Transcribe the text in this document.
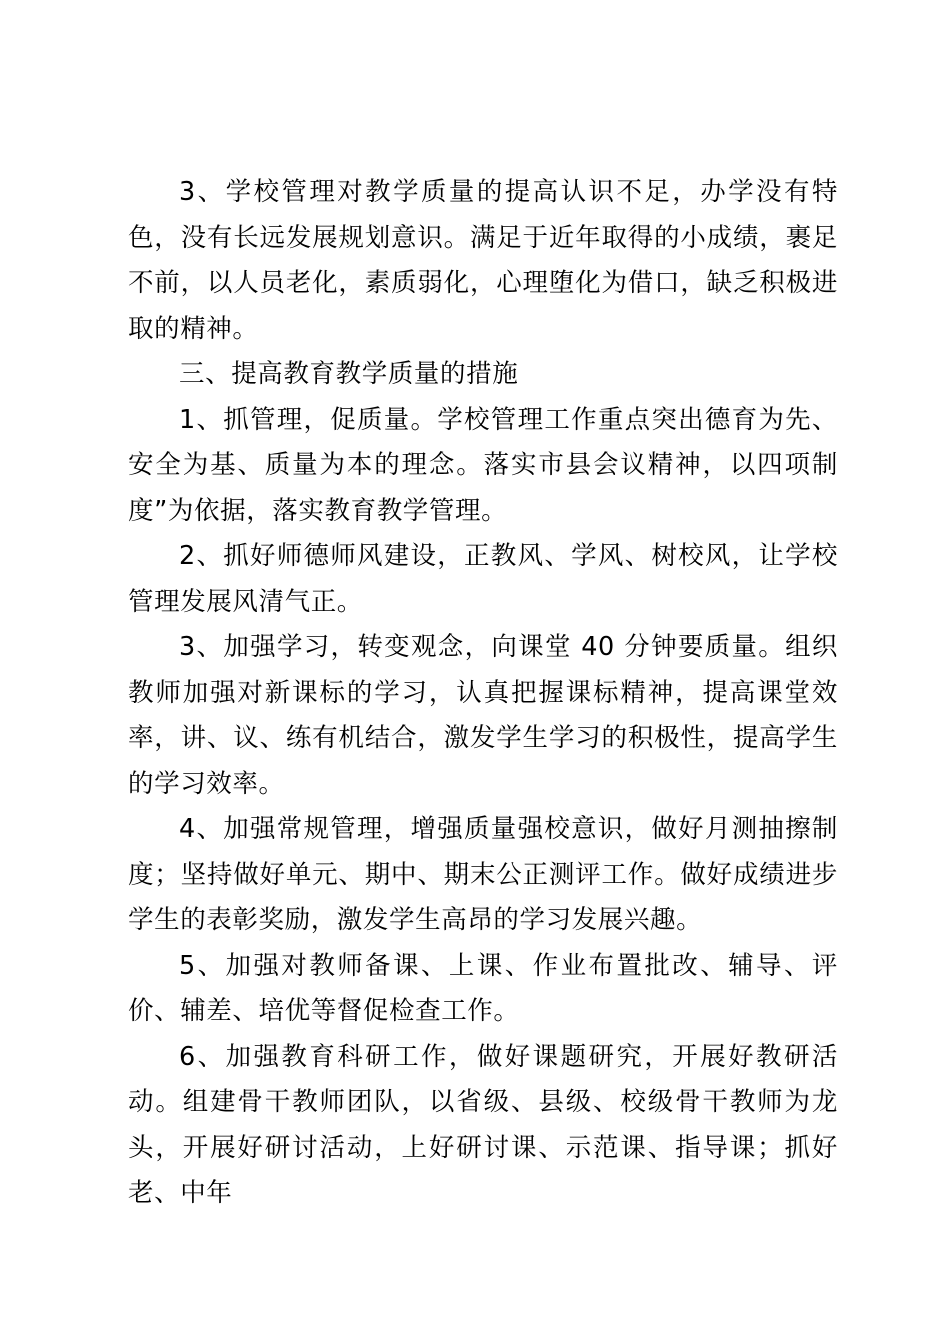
3、学校管理对教学质量的提高认识不足，办学没有特色，没有长远发展规划意识。满足于近年取得的小成绩，裹足不前，以人员老化，素质弱化，心理堕化为借口，缺乏积极进取的精神。

三、提高教育教学质量的措施

1、抓管理，促质量。学校管理工作重点突出德育为先、安全为基、质量为本的理念。落实市县会议精神，以四项制度”为依据，落实教育教学管理。

2、抓好师德师风建设，正教风、学风、树校风，让学校管理发展风清气正。

3、加强学习，转变观念，向课堂 40 分钟要质量。组织教师加强对新课标的学习，认真把握课标精神，提高课堂效率，讲、议、练有机结合，激发学生学习的积极性，提高学生的学习效率。

4、加强常规管理，增强质量强校意识，做好月测抽擦制度；坚持做好单元、期中、期末公正测评工作。做好成绩进步学生的表彰奖励，激发学生高昂的学习发展兴趣。

5、加强对教师备课、上课、作业布置批改、辅导、评价、辅差、培优等督促检查工作。

6、加强教育科研工作，做好课题研究，开展好教研活动。组建骨干教师团队，以省级、县级、校级骨干教师为龙头，开展好研讨活动，上好研讨课、示范课、指导课；抓好老、中年
